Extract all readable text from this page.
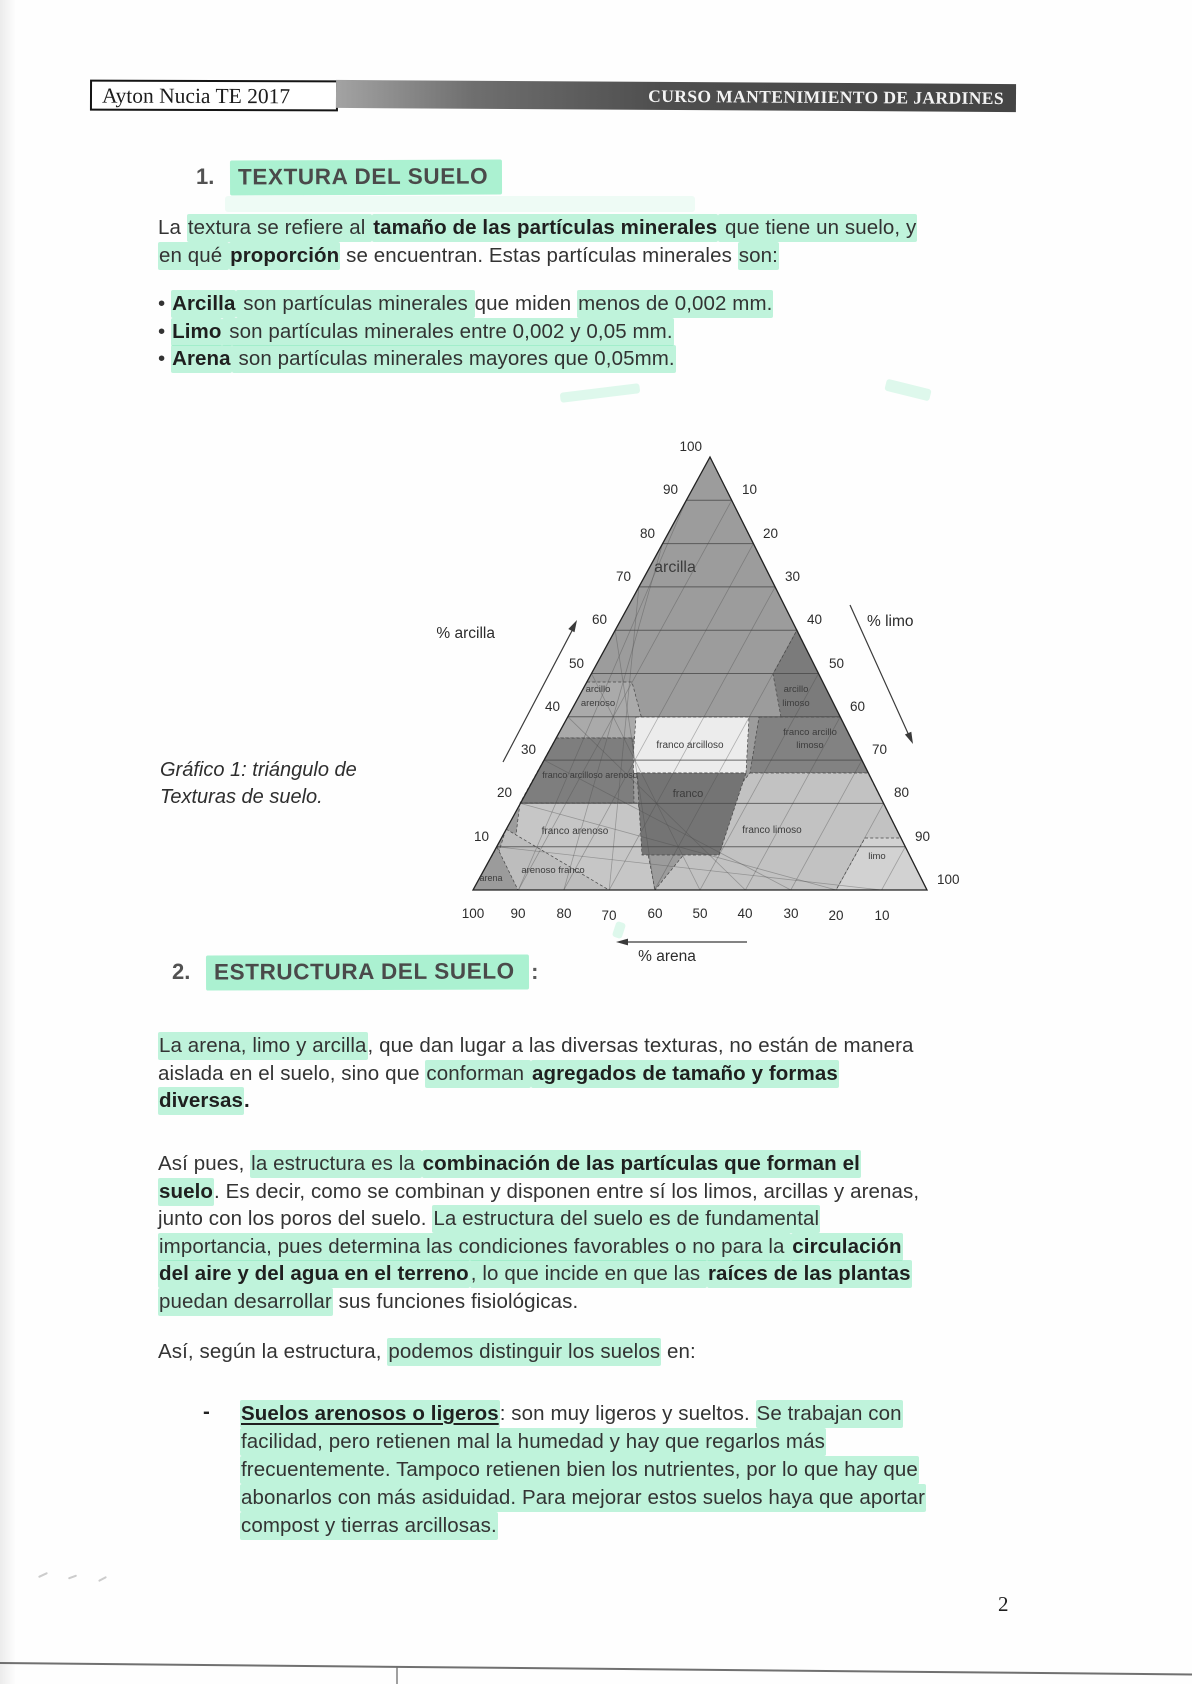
Ayton Nucia TE 2017	CURSO MANTENIMIENTO DE JARDINES
1.	TEXTURA DEL SUELO
La textura se refiere al tamaño de las partículas minerales que tiene un suelo, y
en qué proporción se encuentran. Estas partículas minerales son:
• Arcilla son partículas minerales que miden menos de 0,002 mm.
• Limo son partículas minerales entre 0,002 y 0,05 mm.
• Arena son partículas minerales mayores que 0,05mm.
Gráfico 1: triángulo de
Texturas de suelo.
arcilla
arcillo
arenoso
arcillo
limoso
franco arcilloso
franco arcillo
limoso
franco arcilloso arenoso
franco
franco arenoso	franco limoso
arenoso franco
arena
limo
100
90
80
70
60
50
40
30
20
10
10
20
30
40
50
60
70
80
90
100
100 90 80 70 60 50 40 30 20 10
% arcilla
% limo
% arena
2.	ESTRUCTURA DEL SUELO :
La arena, limo y arcilla, que dan lugar a las diversas texturas, no están de manera
aislada en el suelo, sino que conforman agregados de tamaño y formas
diversas.
Así pues, la estructura es la combinación de las partículas que forman el
suelo. Es decir, como se combinan y disponen entre sí los limos, arcillas y arenas,
junto con los poros del suelo. La estructura del suelo es de fundamental
importancia, pues determina las condiciones favorables o no para la circulación
del aire y del agua en el terreno, lo que incide en que las raíces de las plantas
puedan desarrollar sus funciones fisiológicas.
Así, según la estructura, podemos distinguir los suelos en:
- Suelos arenosos o ligeros: son muy ligeros y sueltos. Se trabajan con
facilidad, pero retienen mal la humedad y hay que regarlos más
frecuentemente. Tampoco retienen bien los nutrientes, por lo que hay que
abonarlos con más asiduidad. Para mejorar estos suelos haya que aportar
compost y tierras arcillosas.
2
